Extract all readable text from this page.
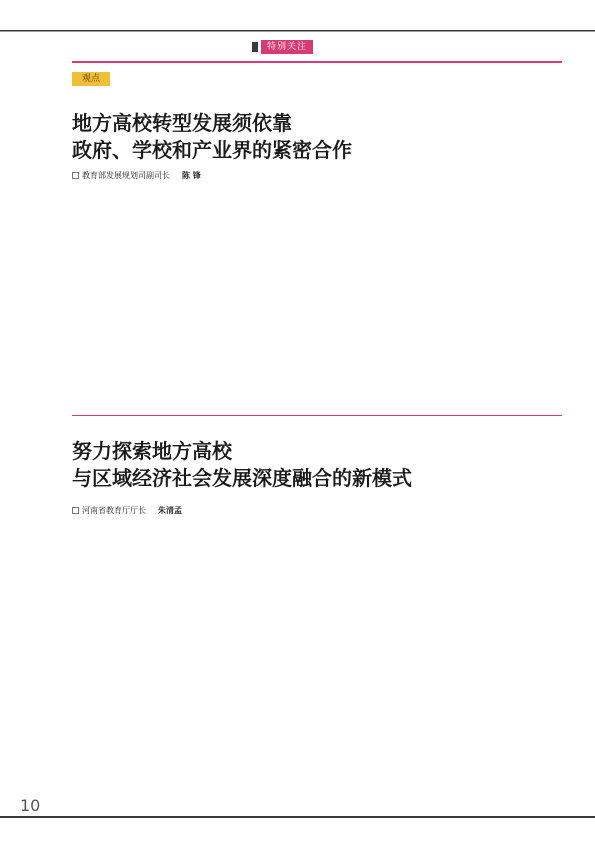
特别关注
观点
地方高校转型发展须依靠
政府、学校和产业界的紧密合作
教育部发展规划司副司长 陈 锋

努力探索地方高校
与区域经济社会发展深度融合的新模式
河南省教育厅厅长 朱清孟

10
